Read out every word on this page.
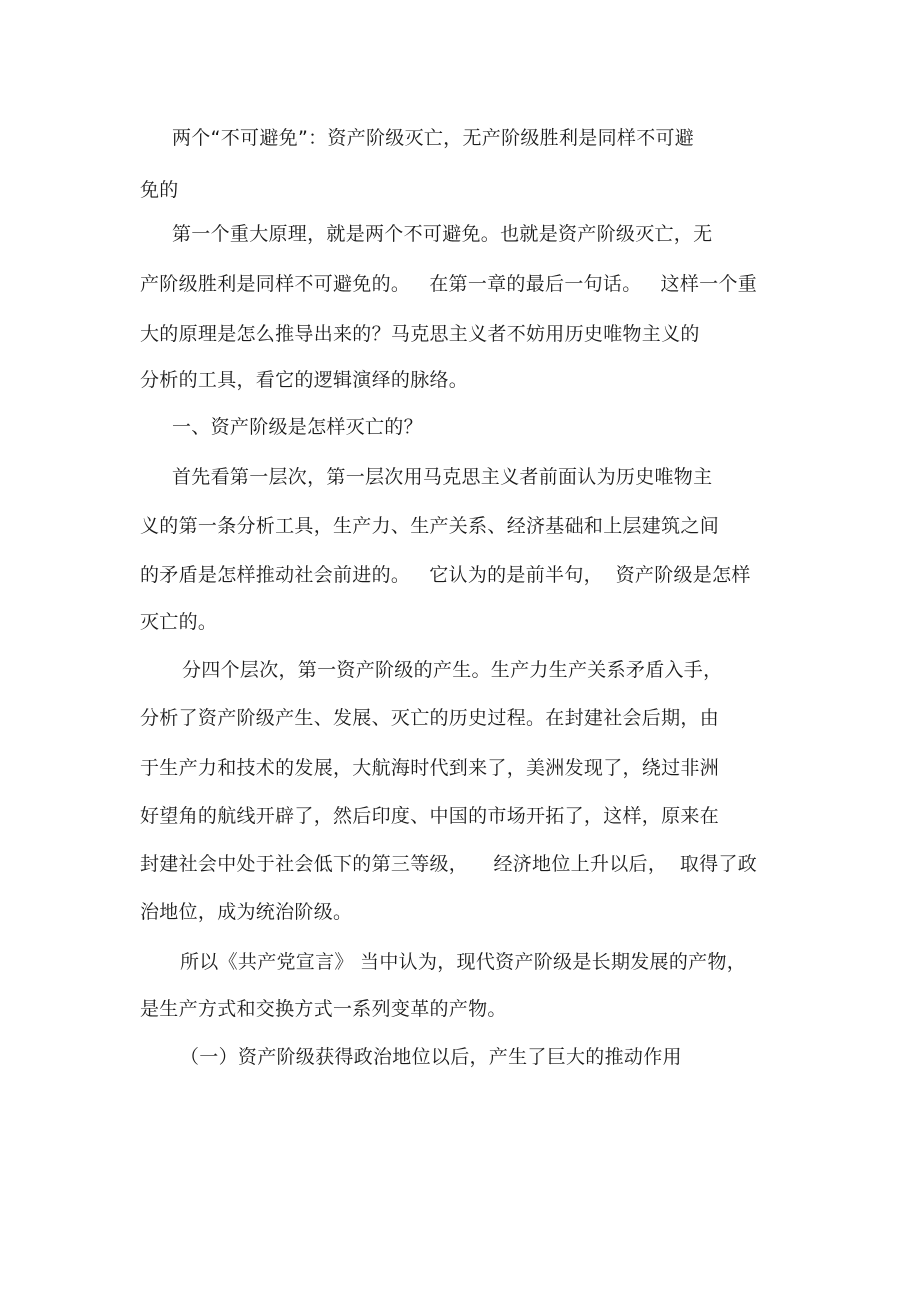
两个“不可避免”：资产阶级灭亡，无产阶级胜利是同样不可避
免的
第一个重大原理，就是两个不可避免。也就是资产阶级灭亡，无
产阶级胜利是同样不可避免的。   在第一章的最后一句话。   这样一个重
大的原理是怎么推导出来的？马克思主义者不妨用历史唯物主义的
分析的工具，看它的逻辑演绎的脉络。
一、资产阶级是怎样灭亡的？
首先看第一层次，第一层次用马克思主义者前面认为历史唯物主
义的第一条分析工具，生产力、生产关系、经济基础和上层建筑之间
的矛盾是怎样推动社会前进的。   它认为的是前半句，  资产阶级是怎样
灭亡的。
分四个层次，第一资产阶级的产生。生产力生产关系矛盾入手，
分析了资产阶级产生、发展、灭亡的历史过程。在封建社会后期，由
于生产力和技术的发展，大航海时代到来了，美洲发现了，绕过非洲
好望角的航线开辟了，然后印度、中国的市场开拓了，这样，原来在
封建社会中处于社会低下的第三等级，    经济地位上升以后，  取得了政
治地位，成为统治阶级。
所以《共产党宣言》 当中认为，现代资产阶级是长期发展的产物，
是生产方式和交换方式一系列变革的产物。
（一）资产阶级获得政治地位以后，产生了巨大的推动作用
